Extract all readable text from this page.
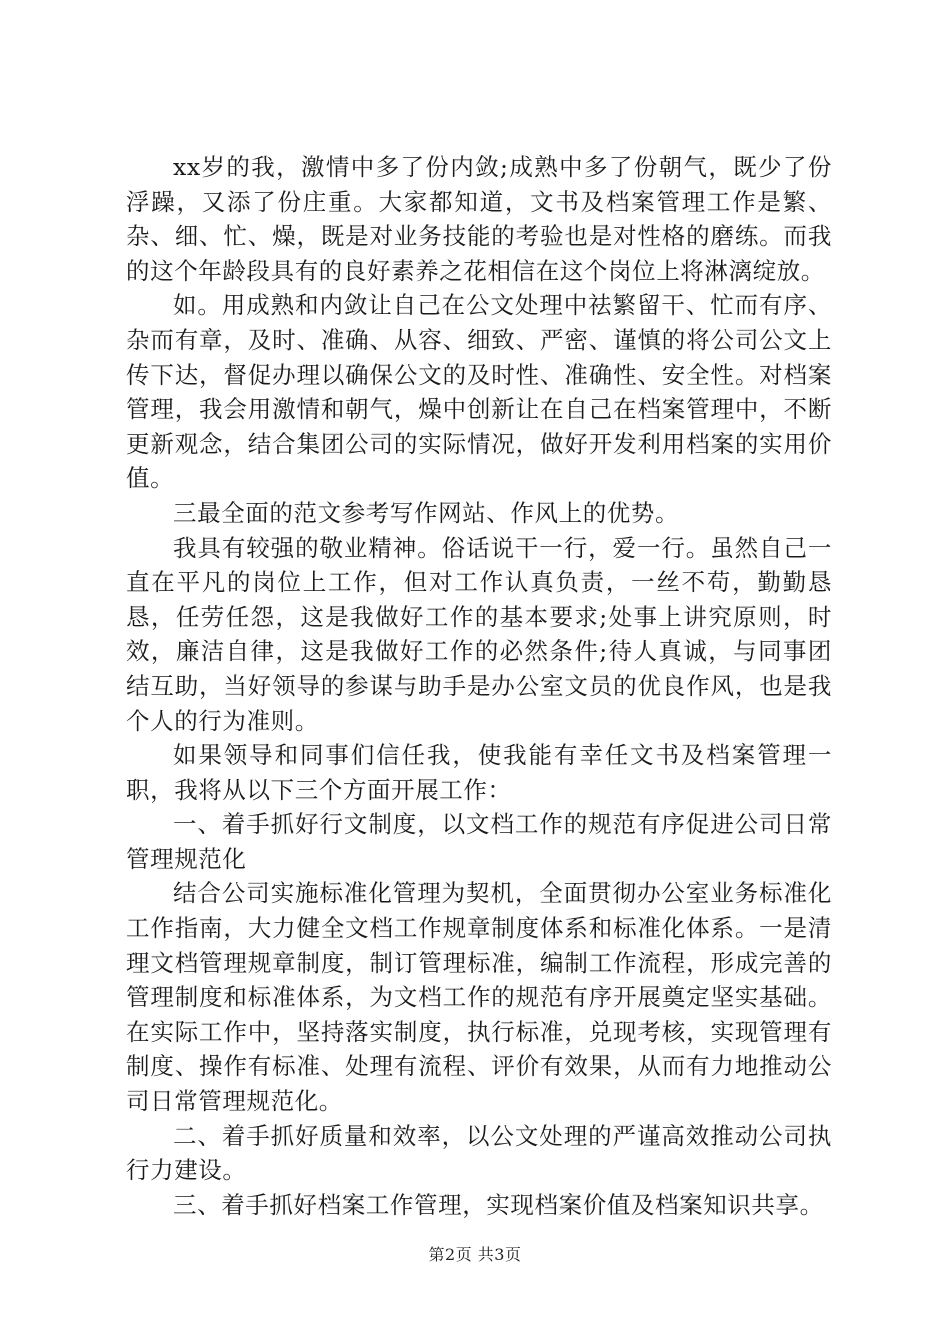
xx岁的我，激情中多了份内敛;成熟中多了份朝气，既少了份浮躁，又添了份庄重。大家都知道，文书及档案管理工作是繁、杂、细、忙、燥，既是对业务技能的考验也是对性格的磨练。而我的这个年龄段具有的良好素养之花相信在这个岗位上将淋漓绽放。

如。用成熟和内敛让自己在公文处理中祛繁留干、忙而有序、杂而有章，及时、准确、从容、细致、严密、谨慎的将公司公文上传下达，督促办理以确保公文的及时性、准确性、安全性。对档案管理，我会用激情和朝气，燥中创新让在自己在档案管理中，不断更新观念，结合集团公司的实际情况，做好开发利用档案的实用价值。

三最全面的范文参考写作网站、作风上的优势。

我具有较强的敬业精神。俗话说干一行，爱一行。虽然自己一直在平凡的岗位上工作，但对工作认真负责，一丝不苟，勤勤恳恳，任劳任怨，这是我做好工作的基本要求;处事上讲究原则，时效，廉洁自律，这是我做好工作的必然条件;待人真诚，与同事团结互助，当好领导的参谋与助手是办公室文员的优良作风，也是我个人的行为准则。

如果领导和同事们信任我，使我能有幸任文书及档案管理一职，我将从以下三个方面开展工作：

一、着手抓好行文制度，以文档工作的规范有序促进公司日常管理规范化

结合公司实施标准化管理为契机，全面贯彻办公室业务标准化工作指南，大力健全文档工作规章制度体系和标准化体系。一是清理文档管理规章制度，制订管理标准，编制工作流程，形成完善的管理制度和标准体系，为文档工作的规范有序开展奠定坚实基础。在实际工作中，坚持落实制度，执行标准，兑现考核，实现管理有制度、操作有标准、处理有流程、评价有效果，从而有力地推动公司日常管理规范化。

二、着手抓好质量和效率，以公文处理的严谨高效推动公司执行力建设。

三、着手抓好档案工作管理，实现档案价值及档案知识共享。

第2页 共3页
